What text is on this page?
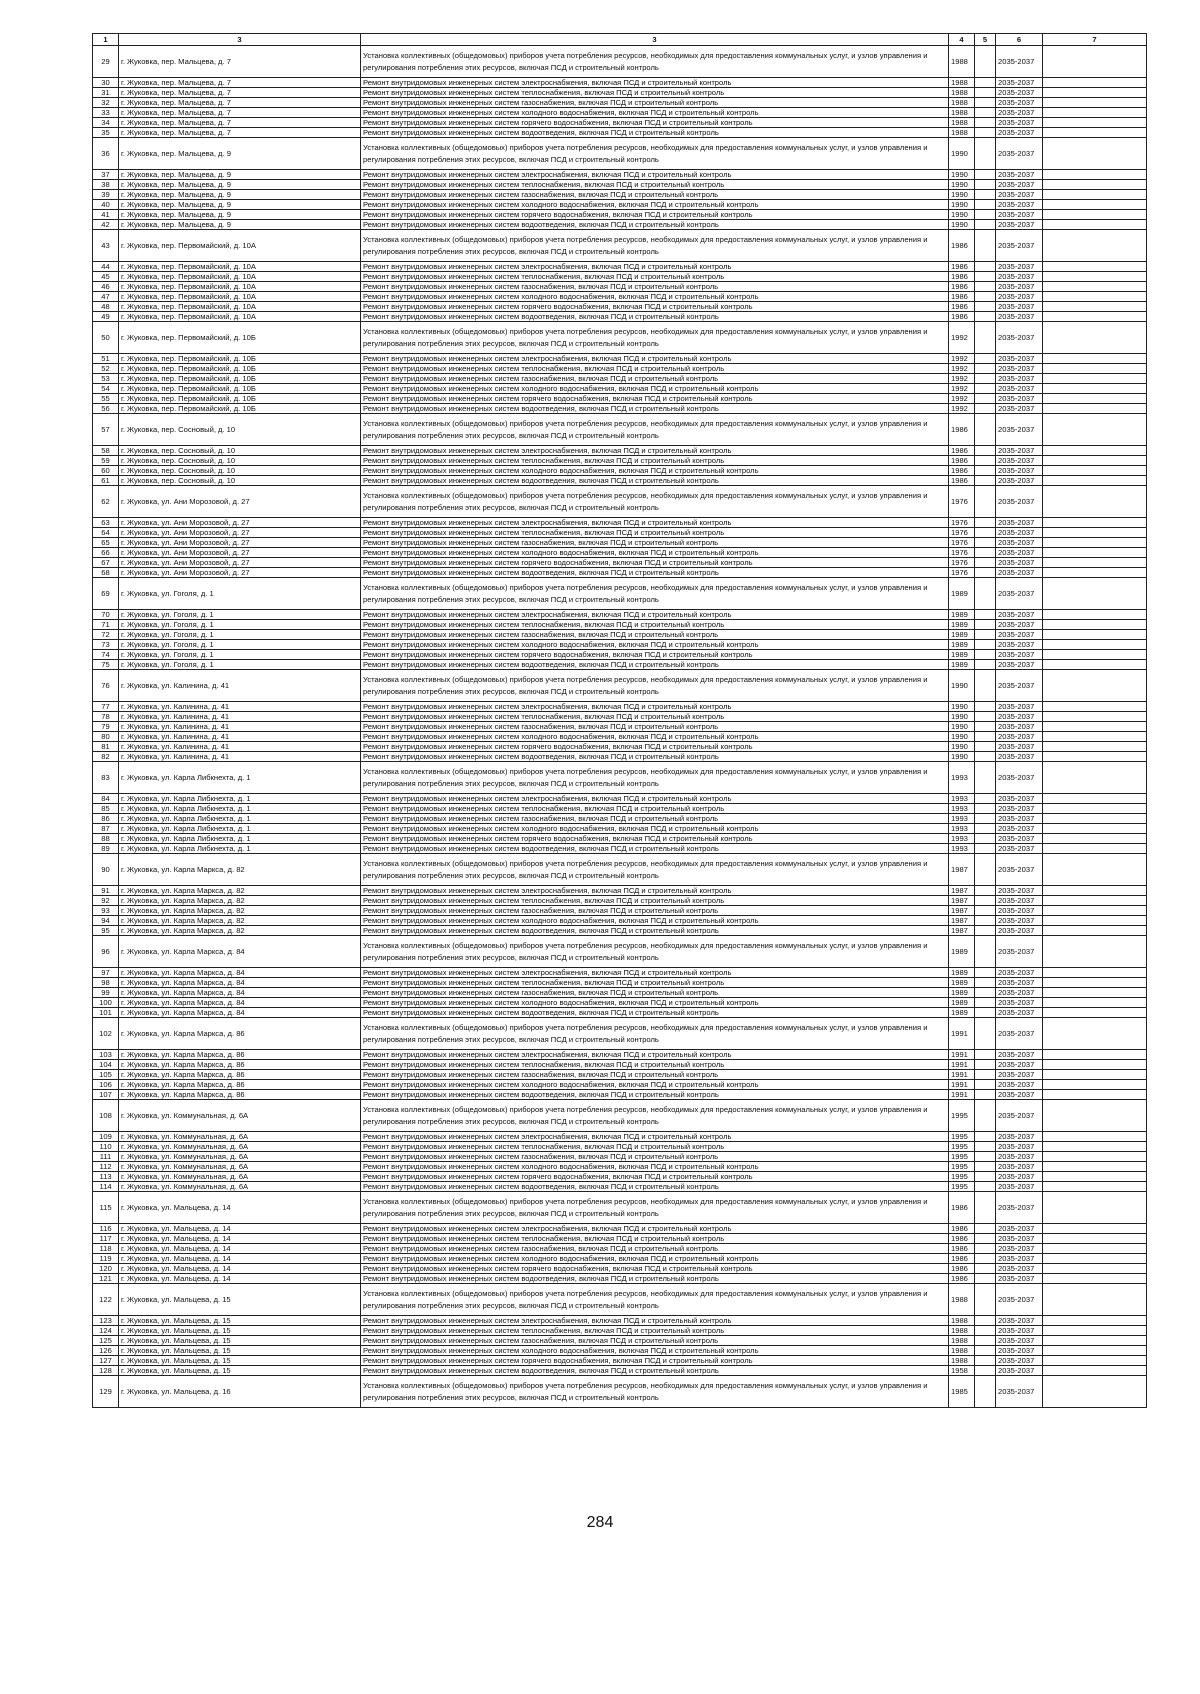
1	3	3	4	5	6	7
29	г. Жуковка, пер. Мальцева, д. 7	Установка коллективных (общедомовых) приборов учета потребления ресурсов, необходимых для предоставления коммунальных услуг, и узлов управления и регулирования потребления этих ресурсов, включая ПСД и строительный контроль	1988		2035-2037	
30	г. Жуковка, пер. Мальцева, д. 7	Ремонт внутридомовых инженерных систем электроснабжения, включая ПСД и строительный контроль	1988		2035-2037	
31	г. Жуковка, пер. Мальцева, д. 7	Ремонт внутридомовых инженерных систем теплоснабжения, включая ПСД и строительный контроль	1988		2035-2037	
32	г. Жуковка, пер. Мальцева, д. 7	Ремонт внутридомовых инженерных систем газоснабжения, включая ПСД и строительный контроль	1988		2035-2037	
33	г. Жуковка, пер. Мальцева, д. 7	Ремонт внутридомовых инженерных систем холодного водоснабжения, включая ПСД и строительный контроль	1988		2035-2037	
34	г. Жуковка, пер. Мальцева, д. 7	Ремонт внутридомовых инженерных систем горячего водоснабжения, включая ПСД и строительный контроль	1988		2035-2037	
35	г. Жуковка, пер. Мальцева, д. 7	Ремонт внутридомовых инженерных систем водоотведения, включая ПСД и строительный контроль	1988		2035-2037	
36	г. Жуковка, пер. Мальцева, д. 9	Установка коллективных (общедомовых) приборов учета потребления ресурсов, необходимых для предоставления коммунальных услуг, и узлов управления и регулирования потребления этих ресурсов, включая ПСД и строительный контроль	1990		2035-2037	
37	г. Жуковка, пер. Мальцева, д. 9	Ремонт внутридомовых инженерных систем электроснабжения, включая ПСД и строительный контроль	1990		2035-2037	
38	г. Жуковка, пер. Мальцева, д. 9	Ремонт внутридомовых инженерных систем теплоснабжения, включая ПСД и строительный контроль	1990		2035-2037	
39	г. Жуковка, пер. Мальцева, д. 9	Ремонт внутридомовых инженерных систем газоснабжения, включая ПСД и строительный контроль	1990		2035-2037	
40	г. Жуковка, пер. Мальцева, д. 9	Ремонт внутридомовых инженерных систем холодного водоснабжения, включая ПСД и строительный контроль	1990		2035-2037	
41	г. Жуковка, пер. Мальцева, д. 9	Ремонт внутридомовых инженерных систем горячего водоснабжения, включая ПСД и строительный контроль	1990		2035-2037	
42	г. Жуковка, пер. Мальцева, д. 9	Ремонт внутридомовых инженерных систем водоотведения, включая ПСД и строительный контроль	1990		2035-2037	
43	г. Жуковка, пер. Первомайский, д. 10А	Установка коллективных (общедомовых) приборов учета потребления ресурсов, необходимых для предоставления коммунальных услуг, и узлов управления и регулирования потребления этих ресурсов, включая ПСД и строительный контроль	1986		2035-2037	
44	г. Жуковка, пер. Первомайский, д. 10А	Ремонт внутридомовых инженерных систем электроснабжения, включая ПСД и строительный контроль	1986		2035-2037	
45	г. Жуковка, пер. Первомайский, д. 10А	Ремонт внутридомовых инженерных систем теплоснабжения, включая ПСД и строительный контроль	1986		2035-2037	
46	г. Жуковка, пер. Первомайский, д. 10А	Ремонт внутридомовых инженерных систем газоснабжения, включая ПСД и строительный контроль	1986		2035-2037	
47	г. Жуковка, пер. Первомайский, д. 10А	Ремонт внутридомовых инженерных систем холодного водоснабжения, включая ПСД и строительный контроль	1986		2035-2037	
48	г. Жуковка, пер. Первомайский, д. 10А	Ремонт внутридомовых инженерных систем горячего водоснабжения, включая ПСД и строительный контроль	1986		2035-2037	
49	г. Жуковка, пер. Первомайский, д. 10А	Ремонт внутридомовых инженерных систем водоотведения, включая ПСД и строительный контроль	1986		2035-2037	
50	г. Жуковка, пер. Первомайский, д. 10Б	Установка коллективных (общедомовых) приборов учета потребления ресурсов, необходимых для предоставления коммунальных услуг, и узлов управления и регулирования потребления этих ресурсов, включая ПСД и строительный контроль	1992		2035-2037	
51	г. Жуковка, пер. Первомайский, д. 10Б	Ремонт внутридомовых инженерных систем электроснабжения, включая ПСД и строительный контроль	1992		2035-2037	
52	г. Жуковка, пер. Первомайский, д. 10Б	Ремонт внутридомовых инженерных систем теплоснабжения, включая ПСД и строительный контроль	1992		2035-2037	
53	г. Жуковка, пер. Первомайский, д. 10Б	Ремонт внутридомовых инженерных систем газоснабжения, включая ПСД и строительный контроль	1992		2035-2037	
54	г. Жуковка, пер. Первомайский, д. 10Б	Ремонт внутридомовых инженерных систем холодного водоснабжения, включая ПСД и строительный контроль	1992		2035-2037	
55	г. Жуковка, пер. Первомайский, д. 10Б	Ремонт внутридомовых инженерных систем горячего водоснабжения, включая ПСД и строительный контроль	1992		2035-2037	
56	г. Жуковка, пер. Первомайский, д. 10Б	Ремонт внутридомовых инженерных систем водоотведения, включая ПСД и строительный контроль	1992		2035-2037	
57	г. Жуковка, пер. Сосновый, д. 10	Установка коллективных (общедомовых) приборов учета потребления ресурсов, необходимых для предоставления коммунальных услуг, и узлов управления и регулирования потребления этих ресурсов, включая ПСД и строительный контроль	1986		2035-2037	
58	г. Жуковка, пер. Сосновый, д. 10	Ремонт внутридомовых инженерных систем электроснабжения, включая ПСД и строительный контроль	1986		2035-2037	
59	г. Жуковка, пер. Сосновый, д. 10	Ремонт внутридомовых инженерных систем теплоснабжения, включая ПСД и строительный контроль	1986		2035-2037	
60	г. Жуковка, пер. Сосновый, д. 10	Ремонт внутридомовых инженерных систем холодного водоснабжения, включая ПСД и строительный контроль	1986		2035-2037	
61	г. Жуковка, пер. Сосновый, д. 10	Ремонт внутридомовых инженерных систем водоотведения, включая ПСД и строительный контроль	1986		2035-2037	
62	г. Жуковка, ул. Ани Морозовой, д. 27	Установка коллективных (общедомовых) приборов учета потребления ресурсов, необходимых для предоставления коммунальных услуг, и узлов управления и регулирования потребления этих ресурсов, включая ПСД и строительный контроль	1976		2035-2037	
63	г. Жуковка, ул. Ани Морозовой, д. 27	Ремонт внутридомовых инженерных систем электроснабжения, включая ПСД и строительный контроль	1976		2035-2037	
64	г. Жуковка, ул. Ани Морозовой, д. 27	Ремонт внутридомовых инженерных систем теплоснабжения, включая ПСД и строительный контроль	1976		2035-2037	
65	г. Жуковка, ул. Ани Морозовой, д. 27	Ремонт внутридомовых инженерных систем газоснабжения, включая ПСД и строительный контроль	1976		2035-2037	
66	г. Жуковка, ул. Ани Морозовой, д. 27	Ремонт внутридомовых инженерных систем холодного водоснабжения, включая ПСД и строительный контроль	1976		2035-2037	
67	г. Жуковка, ул. Ани Морозовой, д. 27	Ремонт внутридомовых инженерных систем горячего водоснабжения, включая ПСД и строительный контроль	1976		2035-2037	
68	г. Жуковка, ул. Ани Морозовой, д. 27	Ремонт внутридомовых инженерных систем водоотведения, включая ПСД и строительный контроль	1976		2035-2037	
69	г. Жуковка, ул. Гоголя, д. 1	Установка коллективных (общедомовых) приборов учета потребления ресурсов, необходимых для предоставления коммунальных услуг, и узлов управления и регулирования потребления этих ресурсов, включая ПСД и строительный контроль	1989		2035-2037	
70	г. Жуковка, ул. Гоголя, д. 1	Ремонт внутридомовых инженерных систем электроснабжения, включая ПСД и строительный контроль	1989		2035-2037	
71	г. Жуковка, ул. Гоголя, д. 1	Ремонт внутридомовых инженерных систем теплоснабжения, включая ПСД и строительный контроль	1989		2035-2037	
72	г. Жуковка, ул. Гоголя, д. 1	Ремонт внутридомовых инженерных систем газоснабжения, включая ПСД и строительный контроль	1989		2035-2037	
73	г. Жуковка, ул. Гоголя, д. 1	Ремонт внутридомовых инженерных систем холодного водоснабжения, включая ПСД и строительный контроль	1989		2035-2037	
74	г. Жуковка, ул. Гоголя, д. 1	Ремонт внутридомовых инженерных систем горячего водоснабжения, включая ПСД и строительный контроль	1989		2035-2037	
75	г. Жуковка, ул. Гоголя, д. 1	Ремонт внутридомовых инженерных систем водоотведения, включая ПСД и строительный контроль	1989		2035-2037	
76	г. Жуковка, ул. Калинина, д. 41	Установка коллективных (общедомовых) приборов учета потребления ресурсов, необходимых для предоставления коммунальных услуг, и узлов управления и регулирования потребления этих ресурсов, включая ПСД и строительный контроль	1990		2035-2037	
77	г. Жуковка, ул. Калинина, д. 41	Ремонт внутридомовых инженерных систем электроснабжения, включая ПСД и строительный контроль	1990		2035-2037	
78	г. Жуковка, ул. Калинина, д. 41	Ремонт внутридомовых инженерных систем теплоснабжения, включая ПСД и строительный контроль	1990		2035-2037	
79	г. Жуковка, ул. Калинина, д. 41	Ремонт внутридомовых инженерных систем газоснабжения, включая ПСД и строительный контроль	1990		2035-2037	
80	г. Жуковка, ул. Калинина, д. 41	Ремонт внутридомовых инженерных систем холодного водоснабжения, включая ПСД и строительный контроль	1990		2035-2037	
81	г. Жуковка, ул. Калинина, д. 41	Ремонт внутридомовых инженерных систем горячего водоснабжения, включая ПСД и строительный контроль	1990		2035-2037	
82	г. Жуковка, ул. Калинина, д. 41	Ремонт внутридомовых инженерных систем водоотведения, включая ПСД и строительный контроль	1990		2035-2037	
83	г. Жуковка, ул. Карла Либкнехта, д. 1	Установка коллективных (общедомовых) приборов учета потребления ресурсов, необходимых для предоставления коммунальных услуг, и узлов управления и регулирования потребления этих ресурсов, включая ПСД и строительный контроль	1993		2035-2037	
84	г. Жуковка, ул. Карла Либкнехта, д. 1	Ремонт внутридомовых инженерных систем электроснабжения, включая ПСД и строительный контроль	1993		2035-2037	
85	г. Жуковка, ул. Карла Либкнехта, д. 1	Ремонт внутридомовых инженерных систем теплоснабжения, включая ПСД и строительный контроль	1993		2035-2037	
86	г. Жуковка, ул. Карла Либкнехта, д. 1	Ремонт внутридомовых инженерных систем газоснабжения, включая ПСД и строительный контроль	1993		2035-2037	
87	г. Жуковка, ул. Карла Либкнехта, д. 1	Ремонт внутридомовых инженерных систем холодного водоснабжения, включая ПСД и строительный контроль	1993		2035-2037	
88	г. Жуковка, ул. Карла Либкнехта, д. 1	Ремонт внутридомовых инженерных систем горячего водоснабжения, включая ПСД и строительный контроль	1993		2035-2037	
89	г. Жуковка, ул. Карла Либкнехта, д. 1	Ремонт внутридомовых инженерных систем водоотведения, включая ПСД и строительный контроль	1993		2035-2037	
90	г. Жуковка, ул. Карла Маркса, д. 82	Установка коллективных (общедомовых) приборов учета потребления ресурсов, необходимых для предоставления коммунальных услуг, и узлов управления и регулирования потребления этих ресурсов, включая ПСД и строительный контроль	1987		2035-2037	
91	г. Жуковка, ул. Карла Маркса, д. 82	Ремонт внутридомовых инженерных систем электроснабжения, включая ПСД и строительный контроль	1987		2035-2037	
92	г. Жуковка, ул. Карла Маркса, д. 82	Ремонт внутридомовых инженерных систем теплоснабжения, включая ПСД и строительный контроль	1987		2035-2037	
93	г. Жуковка, ул. Карла Маркса, д. 82	Ремонт внутридомовых инженерных систем газоснабжения, включая ПСД и строительный контроль	1987		2035-2037	
94	г. Жуковка, ул. Карла Маркса, д. 82	Ремонт внутридомовых инженерных систем холодного водоснабжения, включая ПСД и строительный контроль	1987		2035-2037	
95	г. Жуковка, ул. Карла Маркса, д. 82	Ремонт внутридомовых инженерных систем водоотведения, включая ПСД и строительный контроль	1987		2035-2037	
96	г. Жуковка, ул. Карла Маркса, д. 84	Установка коллективных (общедомовых) приборов учета потребления ресурсов, необходимых для предоставления коммунальных услуг, и узлов управления и регулирования потребления этих ресурсов, включая ПСД и строительный контроль	1989		2035-2037	
97	г. Жуковка, ул. Карла Маркса, д. 84	Ремонт внутридомовых инженерных систем электроснабжения, включая ПСД и строительный контроль	1989		2035-2037	
98	г. Жуковка, ул. Карла Маркса, д. 84	Ремонт внутридомовых инженерных систем теплоснабжения, включая ПСД и строительный контроль	1989		2035-2037	
99	г. Жуковка, ул. Карла Маркса, д. 84	Ремонт внутридомовых инженерных систем газоснабжения, включая ПСД и строительный контроль	1989		2035-2037	
100	г. Жуковка, ул. Карла Маркса, д. 84	Ремонт внутридомовых инженерных систем холодного водоснабжения, включая ПСД и строительный контроль	1989		2035-2037	
101	г. Жуковка, ул. Карла Маркса, д. 84	Ремонт внутридомовых инженерных систем водоотведения, включая ПСД и строительный контроль	1989		2035-2037	
102	г. Жуковка, ул. Карла Маркса, д. 86	Установка коллективных (общедомовых) приборов учета потребления ресурсов, необходимых для предоставления коммунальных услуг, и узлов управления и регулирования потребления этих ресурсов, включая ПСД и строительный контроль	1991		2035-2037	
103	г. Жуковка, ул. Карла Маркса, д. 86	Ремонт внутридомовых инженерных систем электроснабжения, включая ПСД и строительный контроль	1991		2035-2037	
104	г. Жуковка, ул. Карла Маркса, д. 86	Ремонт внутридомовых инженерных систем теплоснабжения, включая ПСД и строительный контроль	1991		2035-2037	
105	г. Жуковка, ул. Карла Маркса, д. 86	Ремонт внутридомовых инженерных систем газоснабжения, включая ПСД и строительный контроль	1991		2035-2037	
106	г. Жуковка, ул. Карла Маркса, д. 86	Ремонт внутридомовых инженерных систем холодного водоснабжения, включая ПСД и строительный контроль	1991		2035-2037	
107	г. Жуковка, ул. Карла Маркса, д. 86	Ремонт внутридомовых инженерных систем водоотведения, включая ПСД и строительный контроль	1991		2035-2037	
108	г. Жуковка, ул. Коммунальная, д. 6А	Установка коллективных (общедомовых) приборов учета потребления ресурсов, необходимых для предоставления коммунальных услуг, и узлов управления и регулирования потребления этих ресурсов, включая ПСД и строительный контроль	1995		2035-2037	
109	г. Жуковка, ул. Коммунальная, д. 6А	Ремонт внутридомовых инженерных систем электроснабжения, включая ПСД и строительный контроль	1995		2035-2037	
110	г. Жуковка, ул. Коммунальная, д. 6А	Ремонт внутридомовых инженерных систем теплоснабжения, включая ПСД и строительный контроль	1995		2035-2037	
111	г. Жуковка, ул. Коммунальная, д. 6А	Ремонт внутридомовых инженерных систем газоснабжения, включая ПСД и строительный контроль	1995		2035-2037	
112	г. Жуковка, ул. Коммунальная, д. 6А	Ремонт внутридомовых инженерных систем холодного водоснабжения, включая ПСД и строительный контроль	1995		2035-2037	
113	г. Жуковка, ул. Коммунальная, д. 6А	Ремонт внутридомовых инженерных систем горячего водоснабжения, включая ПСД и строительный контроль	1995		2035-2037	
114	г. Жуковка, ул. Коммунальная, д. 6А	Ремонт внутридомовых инженерных систем водоотведения, включая ПСД и строительный контроль	1995		2035-2037	
115	г. Жуковка, ул. Мальцева, д. 14	Установка коллективных (общедомовых) приборов учета потребления ресурсов, необходимых для предоставления коммунальных услуг, и узлов управления и регулирования потребления этих ресурсов, включая ПСД и строительный контроль	1986		2035-2037	
116	г. Жуковка, ул. Мальцева, д. 14	Ремонт внутридомовых инженерных систем электроснабжения, включая ПСД и строительный контроль	1986		2035-2037	
117	г. Жуковка, ул. Мальцева, д. 14	Ремонт внутридомовых инженерных систем теплоснабжения, включая ПСД и строительный контроль	1986		2035-2037	
118	г. Жуковка, ул. Мальцева, д. 14	Ремонт внутридомовых инженерных систем газоснабжения, включая ПСД и строительный контроль	1986		2035-2037	
119	г. Жуковка, ул. Мальцева, д. 14	Ремонт внутридомовых инженерных систем холодного водоснабжения, включая ПСД и строительный контроль	1986		2035-2037	
120	г. Жуковка, ул. Мальцева, д. 14	Ремонт внутридомовых инженерных систем горячего водоснабжения, включая ПСД и строительный контроль	1986		2035-2037	
121	г. Жуковка, ул. Мальцева, д. 14	Ремонт внутридомовых инженерных систем водоотведения, включая ПСД и строительный контроль	1986		2035-2037	
122	г. Жуковка, ул. Мальцева, д. 15	Установка коллективных (общедомовых) приборов учета потребления ресурсов, необходимых для предоставления коммунальных услуг, и узлов управления и регулирования потребления этих ресурсов, включая ПСД и строительный контроль	1988		2035-2037	
123	г. Жуковка, ул. Мальцева, д. 15	Ремонт внутридомовых инженерных систем электроснабжения, включая ПСД и строительный контроль	1988		2035-2037	
124	г. Жуковка, ул. Мальцева, д. 15	Ремонт внутридомовых инженерных систем теплоснабжения, включая ПСД и строительный контроль	1988		2035-2037	
125	г. Жуковка, ул. Мальцева, д. 15	Ремонт внутридомовых инженерных систем газоснабжения, включая ПСД и строительный контроль	1988		2035-2037	
126	г. Жуковка, ул. Мальцева, д. 15	Ремонт внутридомовых инженерных систем холодного водоснабжения, включая ПСД и строительный контроль	1988		2035-2037	
127	г. Жуковка, ул. Мальцева, д. 15	Ремонт внутридомовых инженерных систем горячего водоснабжения, включая ПСД и строительный контроль	1988		2035-2037	
128	г. Жуковка, ул. Мальцева, д. 15	Ремонт внутридомовых инженерных систем водоотведения, включая ПСД и строительный контроль	1958		2035-2037	
129	г. Жуковка, ул. Мальцева, д. 16	Установка коллективных (общедомовых) приборов учета потребления ресурсов, необходимых для предоставления коммунальных услуг, и узлов управления и регулирования потребления этих ресурсов, включая ПСД и строительный контроль	1985		2035-2037	
284
